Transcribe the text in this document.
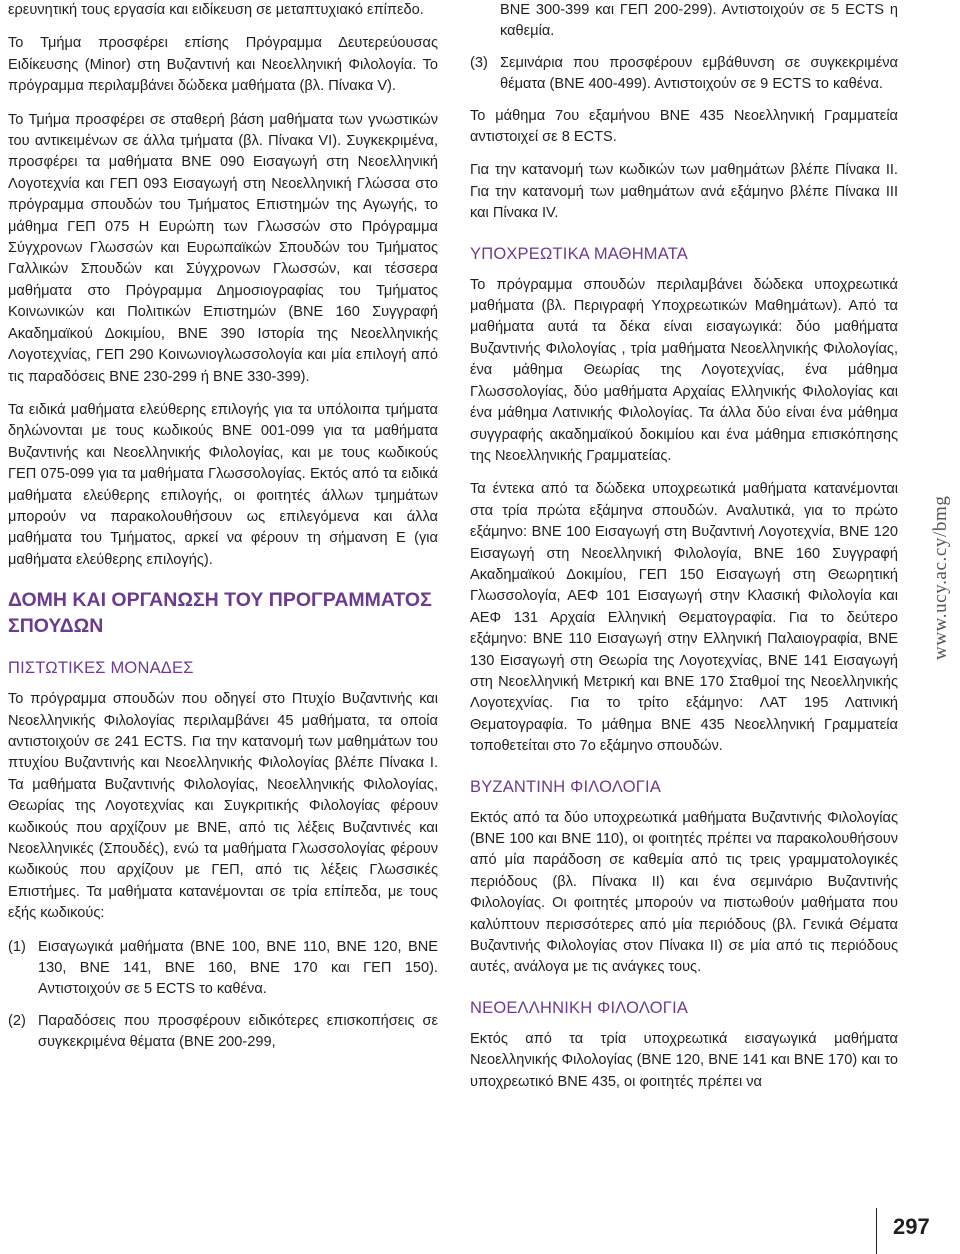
ερευνητική τους εργασία και ειδίκευση σε μεταπτυχιακό επίπεδο.

Το Τμήμα προσφέρει επίσης Πρόγραμμα Δευτερεύουσας Ειδίκευσης (Minor) στη Βυζαντινή και Νεοελληνική Φιλολογία. Το πρόγραμμα περιλαμβάνει δώδεκα μαθήματα (βλ. Πίνακα V).

Το Τμήμα προσφέρει σε σταθερή βάση μαθήματα των γνωστικών του αντικειμένων σε άλλα τμήματα (βλ. Πίνακα VI). Συγκεκριμένα, προσφέρει τα μαθήματα ΒΝΕ 090 Εισαγωγή στη Νεοελληνική Λογοτεχνία και ΓΕΠ 093 Εισαγωγή στη Νεοελληνική Γλώσσα στο πρόγραμμα σπουδών του Τμήματος Επιστημών της Αγωγής, το μάθημα ΓΕΠ 075 Η Ευρώπη των Γλωσσών στο Πρόγραμμα Σύγχρονων Γλωσσών και Ευρωπαϊκών Σπουδών του Τμήματος Γαλλικών Σπουδών και Σύγχρονων Γλωσσών, και τέσσερα μαθήματα στο Πρόγραμμα Δημοσιογραφίας του Τμήματος Κοινωνικών και Πολιτικών Επιστημών (ΒΝΕ 160 Συγγραφή Ακαδημαϊκού Δοκιμίου, ΒΝΕ 390 Ιστορία της Νεοελληνικής Λογοτεχνίας, ΓΕΠ 290 Κοινωνιογλωσσολογία και μία επιλογή από τις παραδόσεις ΒΝΕ 230-299 ή ΒΝΕ 330-399).

Τα ειδικά μαθήματα ελεύθερης επιλογής για τα υπόλοιπα τμήματα δηλώνονται με τους κωδικούς ΒΝΕ 001-099 για τα μαθήματα Βυζαντινής και Νεοελληνικής Φιλολογίας, και με τους κωδικούς ΓΕΠ 075-099 για τα μαθήματα Γλωσσολογίας. Εκτός από τα ειδικά μαθήματα ελεύθερης επιλογής, οι φοιτητές άλλων τμημάτων μπορούν να παρακολουθήσουν ως επιλεγόμενα και άλλα μαθήματα του Τμήματος, αρκεί να φέρουν τη σήμανση Ε (για μαθήματα ελεύθερης επιλογής).

ΔΟΜΗ ΚΑΙ ΟΡΓΑΝΩΣΗ ΤΟΥ ΠΡΟΓΡΑΜΜΑΤΟΣ ΣΠΟΥΔΩΝ
ΠΙΣΤΩΤΙΚΕΣ ΜΟΝΑΔΕΣ

Το πρόγραμμα σπουδών που οδηγεί στο Πτυχίο Βυζαντινής και Νεοελληνικής Φιλολογίας περιλαμβάνει 45 μαθήματα, τα οποία αντιστοιχούν σε 241 ECTS. Για την κατανομή των μαθημάτων του πτυχίου Βυζαντινής και Νεοελληνικής Φιλολογίας βλέπε Πίνακα I. Τα μαθήματα Βυζαντινής Φιλολογίας, Νεοελληνικής Φιλολογίας, Θεωρίας της Λογοτεχνίας και Συγκριτικής Φιλολογίας φέρουν κωδικούς που αρχίζουν με ΒΝΕ, από τις λέξεις Βυζαντινές και Νεοελληνικές (Σπουδές), ενώ τα μαθήματα Γλωσσολογίας φέρουν κωδικούς που αρχίζουν με ΓΕΠ, από τις λέξεις Γλωσσικές Επιστήμες. Τα μαθήματα κατανέμονται σε τρία επίπεδα, με τους εξής κωδικούς:

(1) Εισαγωγικά μαθήματα (ΒΝΕ 100, ΒΝΕ 110, ΒΝΕ 120, ΒΝΕ 130, ΒΝΕ 141, ΒΝΕ 160, ΒΝΕ 170 και ΓΕΠ 150). Αντιστοιχούν σε 5 ECTS το καθένα.
(2) Παραδόσεις που προσφέρουν ειδικότερες επισκοπήσεις σε συγκεκριμένα θέματα (ΒΝΕ 200-299,
ΒΝΕ 300-399 και ΓΕΠ 200-299). Αντιστοιχούν σε 5 ECTS η καθεμία.
(3) Σεμινάρια που προσφέρουν εμβάθυνση σε συγκεκριμένα θέματα (ΒΝΕ 400-499). Αντιστοιχούν σε 9 ECTS το καθένα.

Το μάθημα 7ου εξαμήνου ΒΝΕ 435 Νεοελληνική Γραμματεία αντιστοιχεί σε 8 ECTS.

Για την κατανομή των κωδικών των μαθημάτων βλέπε Πίνακα II. Για την κατανομή των μαθημάτων ανά εξάμηνο βλέπε Πίνακα III και Πίνακα IV.

ΥΠΟΧΡΕΩΤΙΚΑ ΜΑΘΗΜΑΤΑ

Το πρόγραμμα σπουδών περιλαμβάνει δώδεκα υποχρεωτικά μαθήματα (βλ. Περιγραφή Υποχρεωτικών Μαθημάτων). Από τα μαθήματα αυτά τα δέκα είναι εισαγωγικά: δύο μαθήματα Βυζαντινής Φιλολογίας , τρία μαθήματα Νεοελληνικής Φιλολογίας, ένα μάθημα Θεωρίας της Λογοτεχνίας, ένα μάθημα Γλωσσολογίας, δύο μαθήματα Αρχαίας Ελληνικής Φιλολογίας και ένα μάθημα Λατινικής Φιλολογίας. Τα άλλα δύο είναι ένα μάθημα συγγραφής ακαδημαϊκού δοκιμίου και ένα μάθημα επισκόπησης της Νεοελληνικής Γραμματείας.

Τα έντεκα από τα δώδεκα υποχρεωτικά μαθήματα κατανέμονται στα τρία πρώτα εξάμηνα σπουδών. Αναλυτικά, για το πρώτο εξάμηνο: ΒΝΕ 100 Εισαγωγή στη Βυζαντινή Λογοτεχνία, ΒΝΕ 120 Εισαγωγή στη Νεοελληνική Φιλολογία, ΒΝΕ 160 Συγγραφή Ακαδημαϊκού Δοκιμίου, ΓΕΠ 150 Εισαγωγή στη Θεωρητική Γλωσσολογία, ΑΕΦ 101 Εισαγωγή στην Κλασική Φιλολογία και ΑΕΦ 131 Αρχαία Ελληνική Θεματογραφία. Για το δεύτερο εξάμηνο: ΒΝΕ 110 Εισαγωγή στην Ελληνική Παλαιογραφία, ΒΝΕ 130 Εισαγωγή στη Θεωρία της Λογοτεχνίας, ΒΝΕ 141 Εισαγωγή στη Νεοελληνική Μετρική και ΒΝΕ 170 Σταθμοί της Νεοελληνικής Λογοτεχνίας. Για το τρίτο εξάμηνο: ΛΑΤ 195 Λατινική Θεματογραφία. Το μάθημα ΒΝΕ 435 Νεοελληνική Γραμματεία τοποθετείται στο 7ο εξάμηνο σπουδών.

ΒΥΖΑΝΤΙΝΗ ΦΙΛΟΛΟΓΙΑ

Εκτός από τα δύο υποχρεωτικά μαθήματα Βυζαντινής Φιλολογίας (ΒΝΕ 100 και ΒΝΕ 110), οι φοιτητές πρέπει να παρακολουθήσουν από μία παράδοση σε καθεμία από τις τρεις γραμματολογικές περιόδους (βλ. Πίνακα II) και ένα σεμινάριο Βυζαντινής Φιλολογίας. Οι φοιτητές μπορούν να πιστωθούν μαθήματα που καλύπτουν περισσότερες από μία περιόδους (βλ. Γενικά Θέματα Βυζαντινής Φιλολογίας στον Πίνακα II) σε μία από τις περιόδους αυτές, ανάλογα με τις ανάγκες τους.

ΝΕΟΕΛΛΗΝΙΚΗ ΦΙΛΟΛΟΓΙΑ

Εκτός από τα τρία υποχρεωτικά εισαγωγικά μαθήματα Νεοελληνικής Φιλολογίας (ΒΝΕ 120, ΒΝΕ 141 και ΒΝΕ 170) και το υποχρεωτικό ΒΝΕ 435, οι φοιτητές πρέπει να

www.ucy.ac.cy/bmg
297
